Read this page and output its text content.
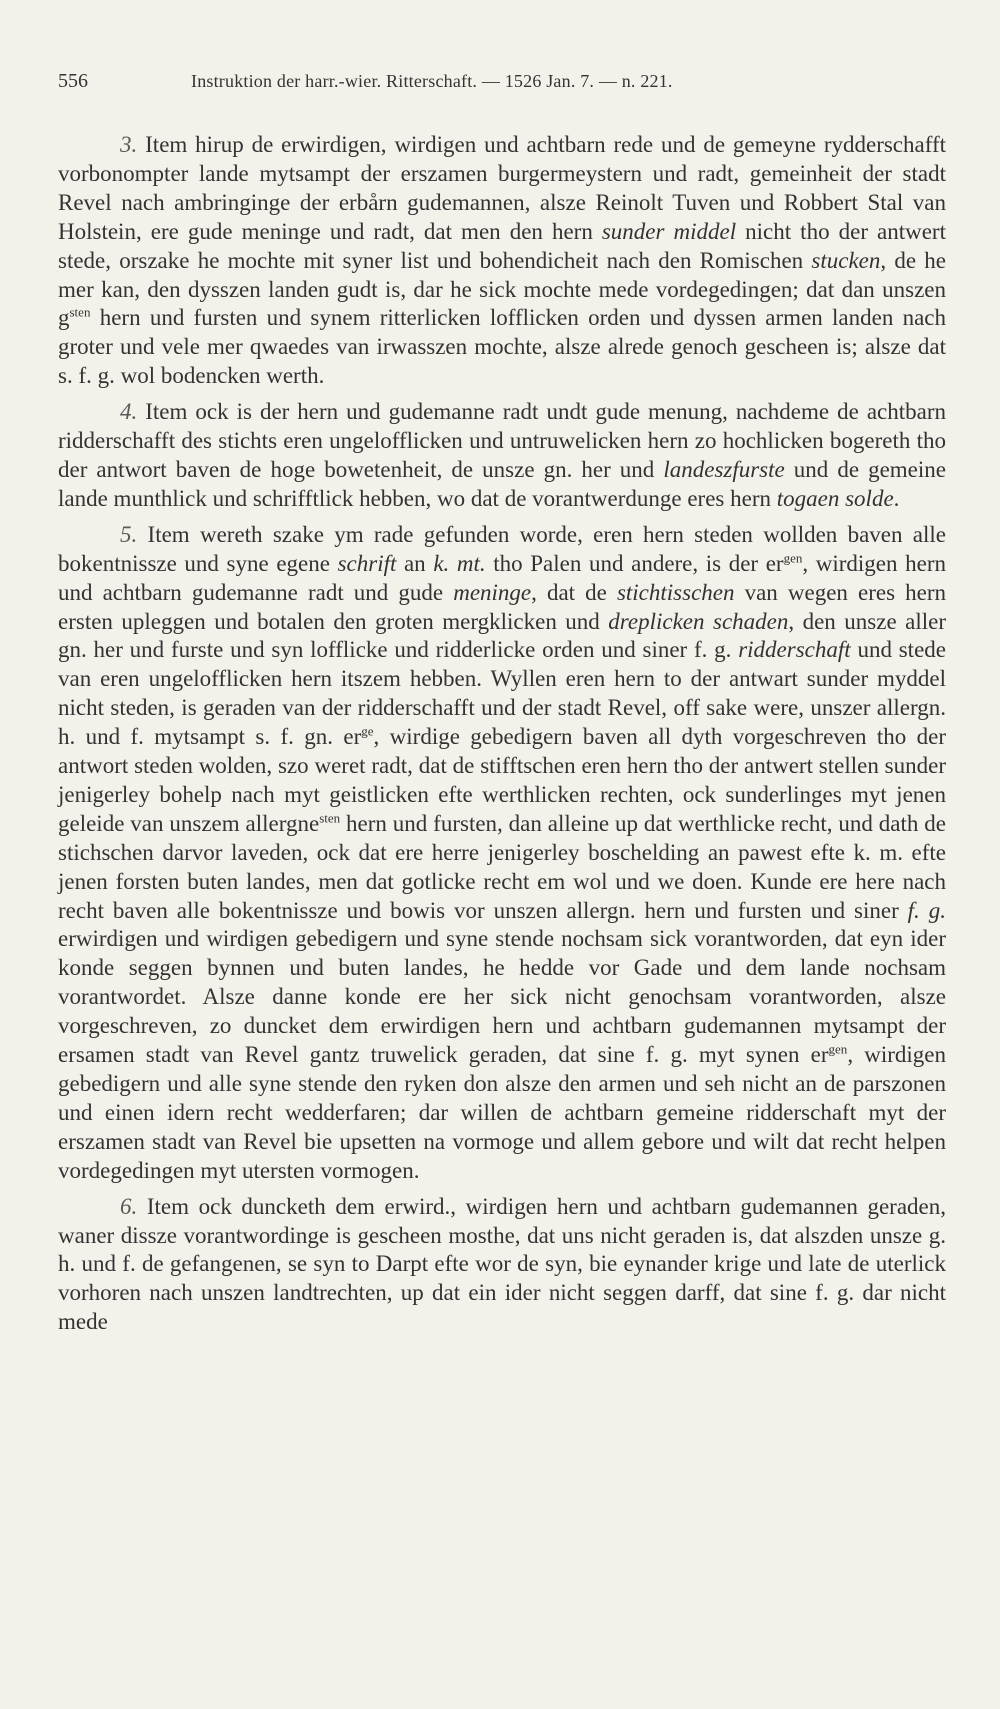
556	Instruktion der harr.-wier. Ritterschaft. — 1526 Jan. 7. — n. 221.

3. Item hirup de erwirdigen, wirdigen und achtbarn rede und de gemeyne rydderschafft vorbonompter lande mytsampt der erszamen burgermeystern und radt, gemeinheit der stadt Revel nach ambringinge der erbårn gudemannen, alsze Reinolt Tuven und Robbert Stal van Holstein, ere gude meninge und radt, dat men den hern sunder middel nicht tho der antwert stede, orszake he mochte mit syner list und bohendicheit nach den Romischen stucken, de he mer kan, den dysszen landen gudt is, dar he sick mochte mede vordegedingen; dat dan unszen $g^{sten}$ hern und fursten und synem ritterlicken lofflicken orden und dyssen armen landen nach groter und vele mer qwaedes van irwasszen mochte, alsze alrede genoch gescheen is; alsze dat s. f. g. wol bodencken werth.

4. Item ock is der hern und gudemanne radt undt gude menung, nachdeme de achtbarn ridderschafft des stichts eren ungelofflicken und untruwelicken hern zo hochlicken bogereth tho der antwort baven de hoge bowetenheit, de unsze gn. her und landeszfurste und de gemeine lande munthlick und schrifftlick hebben, wo dat de vorantwerdunge eres hern togaen solde.

5. Item wereth szake ym rade gefunden worde, eren hern steden wollden baven alle bokentnissze und syne egene schrift an k. mt. tho Palen und andere, is der $er^{gen}$, wirdigen hern und achtbarn gudemanne radt und gude meninge, dat de stichtisschen van wegen eres hern ersten upleggen und botalen den groten mergklicken und dreplicken schaden, den unsze aller gn. her und furste und syn lofflicke und ridderlicke orden und siner f. g. ridderschaft und stede van eren ungelofflicken hern itszem hebben. Wyllen eren hern to der antwart sunder myddel nicht steden, is geraden van der ridderschafft und der stadt Revel, off sake were, unszer allergn. h. und f. mytsampt s. f. gn. $er^{ge}$, wirdige gebedigern baven all dyth vorgeschreven tho der antwort steden wolden, szo weret radt, dat de stifftschen eren hern tho der antwert stellen sunder jenigerley bohelp nach myt geistlicken efte werthlicken rechten, ock sunderlinges myt jenen geleide van unszem allergne$^{sten}$ hern und fursten, dan alleine up dat werthlicke recht, und dath de stichschen darvor laveden, ock dat ere herre jenigerley boschelding an pawest efte k. m. efte jenen forsten buten landes, men dat gotlicke recht em wol und we doen. Kunde ere here nach recht baven alle bokentnissze und bowis vor unszen allergn. hern und fursten und siner f. g. erwirdigen und wirdigen gebedigern und syne stende nochsam sick vorantworden, dat eyn ider konde seggen bynnen und buten landes, he hedde vor Gade und dem lande nochsam vorantwordet. Alsze danne konde ere her sick nicht genochsam vorantworden, alsze vorgeschreven, zo duncket dem erwirdigen hern und achtbarn gudemannen mytsampt der ersamen stadt van Revel gantz truwelick geraden, dat sine f. g. myt synen $er^{gen}$, wirdigen gebedigern und alle syne stende den ryken don alsze den armen und seh nicht an de parszonen und einen idern recht wedderfaren; dar willen de achtbarn gemeine ridderschaft myt der erszamen stadt van Revel bie upsetten na vormoge und allem gebore und wilt dat recht helpen vordegedingen myt utersten vormogen.

6. Item ock duncketh dem erwird., wirdigen hern und achtbarn gudemannen geraden, waner dissze vorantwordinge is gescheen mosthe, dat uns nicht geraden is, dat alszden unsze g. h. und f. de gefangenen, se syn to Darpt efte wor de syn, bie eynander krige und late de uterlick vorhoren nach unszen landtrechten, up dat ein ider nicht seggen darff, dat sine f. g. dar nicht mede
